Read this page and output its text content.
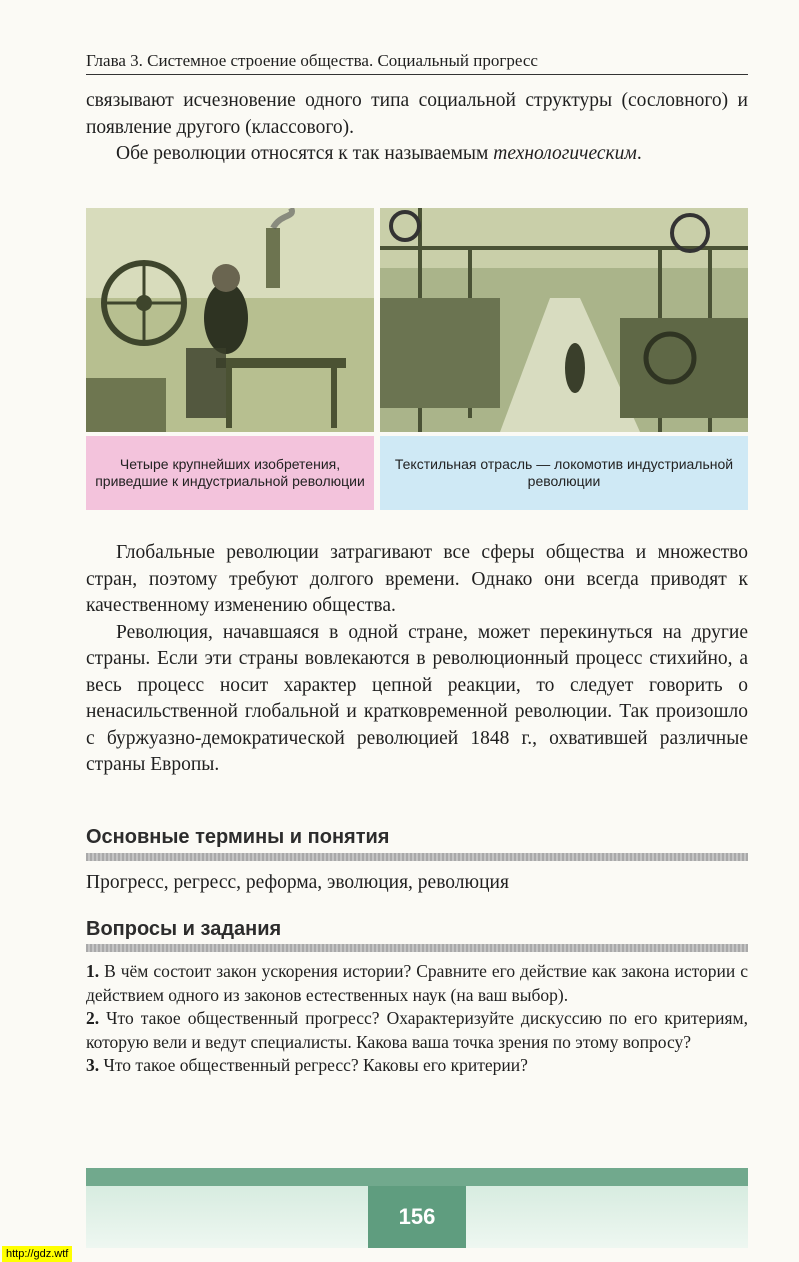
Глава 3. Системное строение общества. Социальный прогресс

связывают исчезновение одного типа социальной структуры (сословного) и появление другого (классового).

Обе революции относятся к так называемым технологическим.

Четыре крупнейших изобретения, приведшие к индустриальной революции
Текстильная отрасль — локомотив индустриальной революции

Глобальные революции затрагивают все сферы общества и множество стран, поэтому требуют долгого времени. Однако они всегда приводят к качественному изменению общества.

Революция, начавшаяся в одной стране, может перекинуться на другие страны. Если эти страны вовлекаются в революционный процесс стихийно, а весь процесс носит характер цепной реакции, то следует говорить о ненасильственной глобальной и кратковременной революции. Так произошло с буржуазно-демократической революцией 1848 г., охватившей различные страны Европы.

Основные термины и понятия
Прогресс, регресс, реформа, эволюция, революция
Вопросы и задания

1. В чём состоит закон ускорения истории? Сравните его действие как закона истории с действием одного из законов естественных наук (на ваш выбор).

2. Что такое общественный прогресс? Охарактеризуйте дискуссию по его критериям, которую вели и ведут специалисты. Какова ваша точка зрения по этому вопросу?

3. Что такое общественный регресс? Каковы его критерии?

156
http://gdz.wtf
